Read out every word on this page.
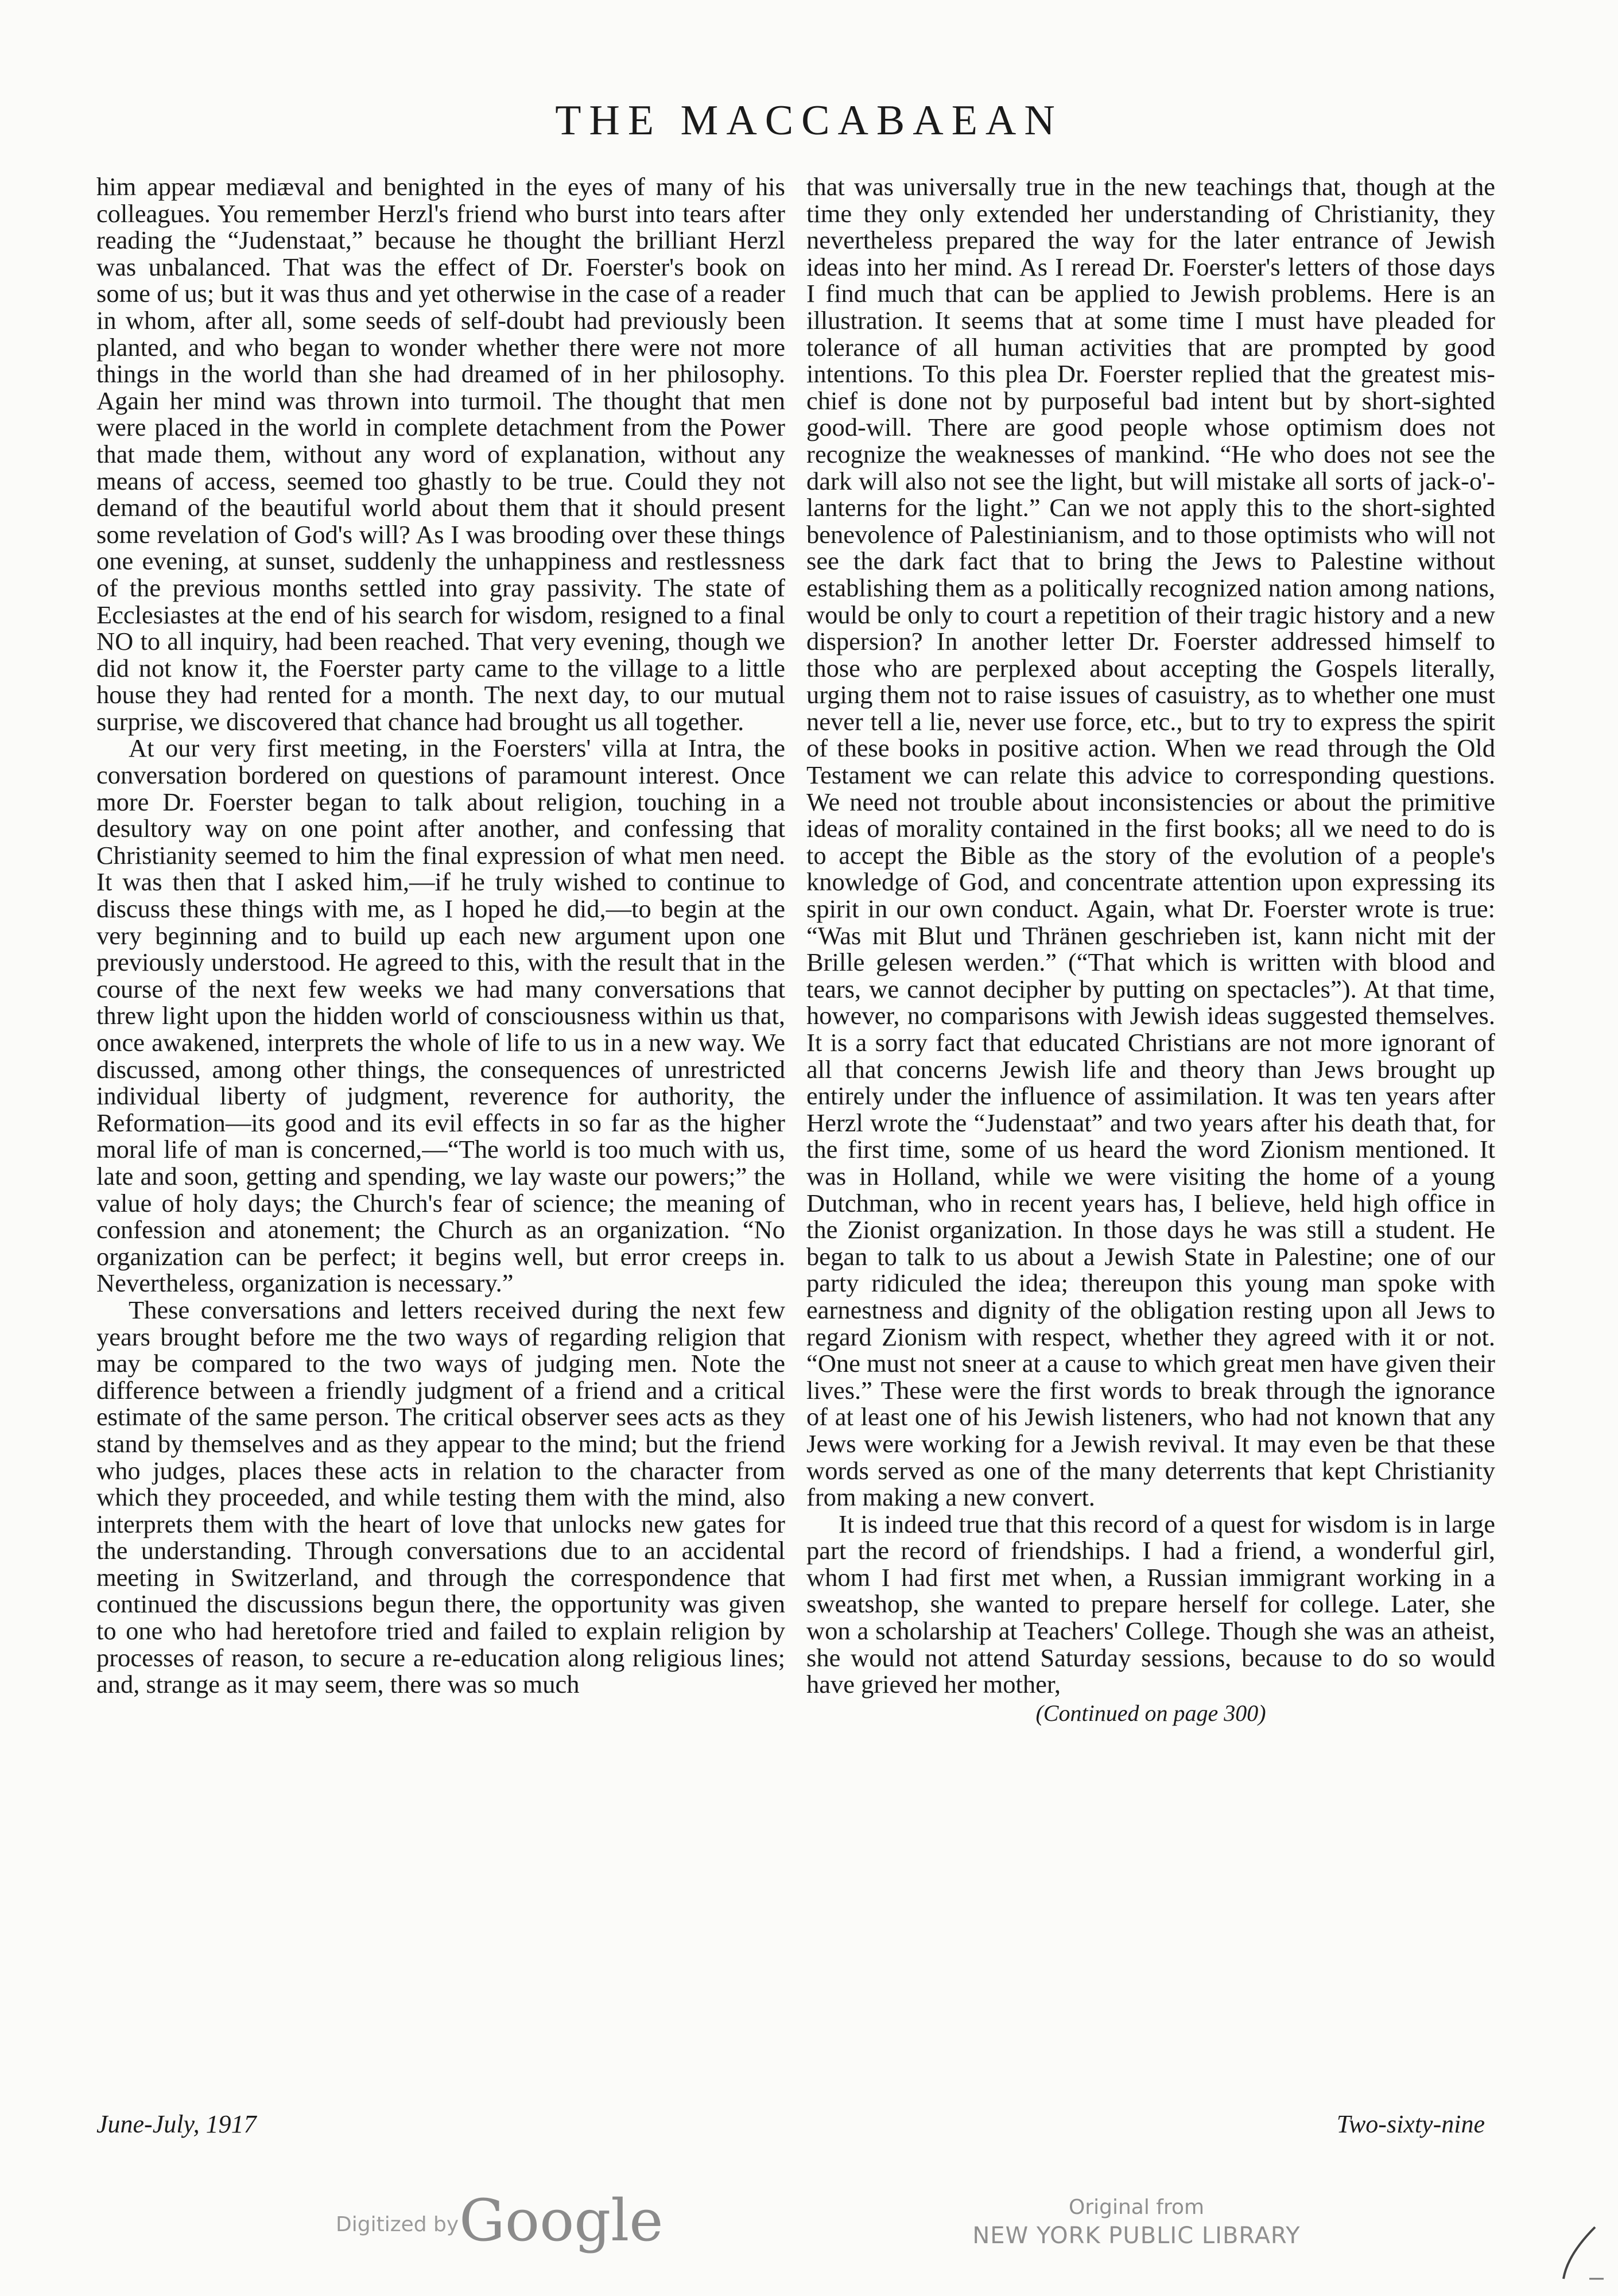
THE MACCABAEAN

him appear mediæval and benighted in the eyes of many of his colleagues. You remember Herzl's friend who burst into tears after reading the “Judenstaat,” because he thought the brilliant Herzl was unbalanced. That was the effect of Dr. Foerster's book on some of us; but it was thus and yet otherwise in the case of a reader in whom, after all, some seeds of self-doubt had previously been planted, and who began to wonder whether there were not more things in the world than she had dreamed of in her philosophy. Again her mind was thrown into turmoil. The thought that men were placed in the world in complete detachment from the Power that made them, without any word of explanation, without any means of access, seemed too ghastly to be true. Could they not demand of the beautiful world about them that it should present some revelation of God's will? As I was brooding over these things one evening, at sunset, suddenly the unhappiness and restlessness of the previous months settled into gray passivity. The state of Ecclesiastes at the end of his search for wisdom, resigned to a final NO to all inquiry, had been reached. That very evening, though we did not know it, the Foerster party came to the village to a little house they had rented for a month. The next day, to our mutual surprise, we discovered that chance had brought us all together.

At our very first meeting, in the Foersters' villa at Intra, the conversation bordered on questions of paramount interest. Once more Dr. Foerster began to talk about religion, touching in a desultory way on one point after another, and confessing that Christianity seemed to him the final expression of what men need. It was then that I asked him,—if he truly wished to continue to discuss these things with me, as I hoped he did,—to begin at the very beginning and to build up each new argument upon one previously understood. He agreed to this, with the result that in the course of the next few weeks we had many conversations that threw light upon the hidden world of consciousness within us that, once awakened, interprets the whole of life to us in a new way. We discussed, among other things, the consequences of unrestricted individual liberty of judgment, reverence for authority, the Reformation—its good and its evil effects in so far as the higher moral life of man is concerned,—“The world is too much with us, late and soon, getting and spending, we lay waste our powers;” the value of holy days; the Church's fear of science; the meaning of confession and atonement; the Church as an organization. “No organization can be perfect; it begins well, but error creeps in. Nevertheless, organization is necessary.”

These conversations and letters received during the next few years brought before me the two ways of regarding religion that may be compared to the two ways of judging men. Note the difference between a friendly judgment of a friend and a critical estimate of the same person. The critical observer sees acts as they stand by themselves and as they appear to the mind; but the friend who judges, places these acts in relation to the character from which they proceeded, and while testing them with the mind, also interprets them with the heart of love that unlocks new gates for the understanding. Through conversations due to an accidental meeting in Switzerland, and through the correspondence that continued the discussions begun there, the opportunity was given to one who had heretofore tried and failed to explain religion by processes of reason, to secure a re-education along religious lines; and, strange as it may seem, there was so much

that was universally true in the new teachings that, though at the time they only extended her understanding of Christianity, they nevertheless prepared the way for the later entrance of Jewish ideas into her mind. As I reread Dr. Foerster's letters of those days I find much that can be applied to Jewish problems. Here is an illustration. It seems that at some time I must have pleaded for tolerance of all human activities that are prompted by good intentions. To this plea Dr. Foerster replied that the greatest mischief is done not by purposeful bad intent but by short-sighted good-will. There are good people whose optimism does not recognize the weaknesses of mankind. “He who does not see the dark will also not see the light, but will mistake all sorts of jack-o'-lanterns for the light.” Can we not apply this to the short-sighted benevolence of Palestinianism, and to those optimists who will not see the dark fact that to bring the Jews to Palestine without establishing them as a politically recognized nation among nations, would be only to court a repetition of their tragic history and a new dispersion? In another letter Dr. Foerster addressed himself to those who are perplexed about accepting the Gospels literally, urging them not to raise issues of casuistry, as to whether one must never tell a lie, never use force, etc., but to try to express the spirit of these books in positive action. When we read through the Old Testament we can relate this advice to corresponding questions. We need not trouble about inconsistencies or about the primitive ideas of morality contained in the first books; all we need to do is to accept the Bible as the story of the evolution of a people's knowledge of God, and concentrate attention upon expressing its spirit in our own conduct. Again, what Dr. Foerster wrote is true: “Was mit Blut und Thränen geschrieben ist, kann nicht mit der Brille gelesen werden.” (“That which is written with blood and tears, we cannot decipher by putting on spectacles”). At that time, however, no comparisons with Jewish ideas suggested themselves. It is a sorry fact that educated Christians are not more ignorant of all that concerns Jewish life and theory than Jews brought up entirely under the influence of assimilation. It was ten years after Herzl wrote the “Judenstaat” and two years after his death that, for the first time, some of us heard the word Zionism mentioned. It was in Holland, while we were visiting the home of a young Dutchman, who in recent years has, I believe, held high office in the Zionist organization. In those days he was still a student. He began to talk to us about a Jewish State in Palestine; one of our party ridiculed the idea; thereupon this young man spoke with earnestness and dignity of the obligation resting upon all Jews to regard Zionism with respect, whether they agreed with it or not. “One must not sneer at a cause to which great men have given their lives.” These were the first words to break through the ignorance of at least one of his Jewish listeners, who had not known that any Jews were working for a Jewish revival. It may even be that these words served as one of the many deterrents that kept Christianity from making a new convert.

It is indeed true that this record of a quest for wisdom is in large part the record of friendships. I had a friend, a wonderful girl, whom I had first met when, a Russian immigrant working in a sweatshop, she wanted to prepare herself for college. Later, she won a scholarship at Teachers' College. Though she was an atheist, she would not attend Saturday sessions, because to do so would have grieved her mother,

(Continued on page 300)
June-July, 1917	Two-sixty-nine
Digitized by Google	Original from
NEW YORK PUBLIC LIBRARY
